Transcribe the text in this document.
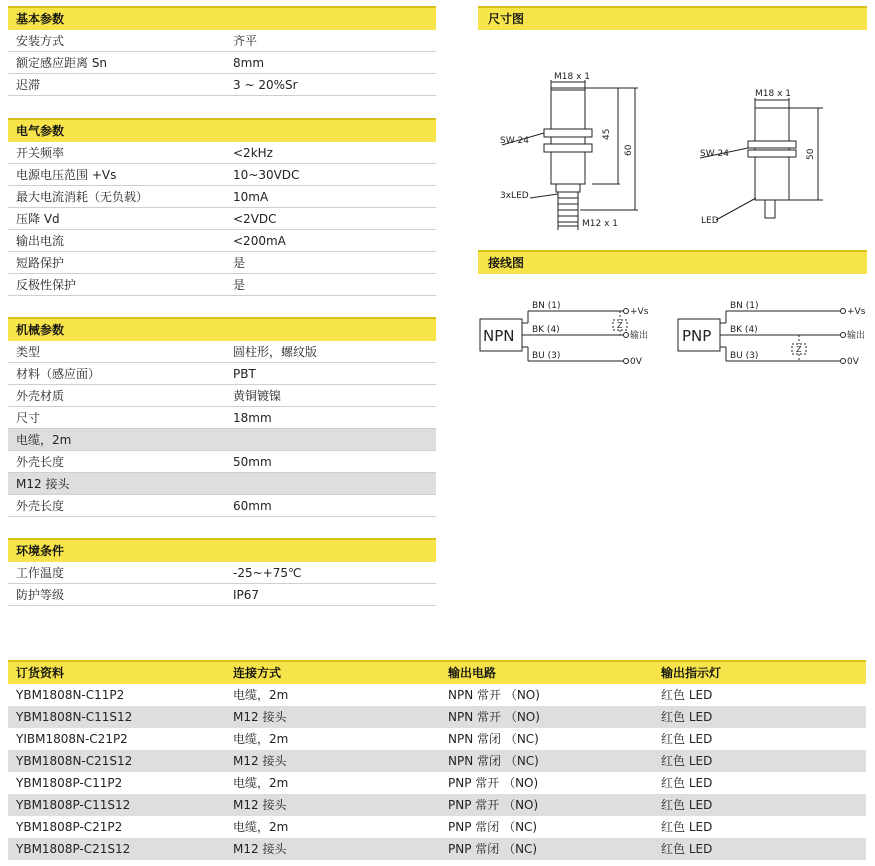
基本参数
安装方式	齐平
额定感应距离 Sn	8mm
迟滞	3 ~ 20%Sr
电气参数
开关频率	<2kHz
电源电压范围 +Vs	10~30VDC
最大电流消耗（无负载）	10mA
压降 Vd	<2VDC
输出电流	<200mA
短路保护	是
反极性保护	是
机械参数
类型	圆柱形，螺纹版
材料（感应面）	PBT
外壳材质	黄铜镀镍
尺寸	18mm
电缆，2m
外壳长度	50mm
M12 接头
外壳长度	60mm
环境条件
工作温度	-25~+75℃
防护等级	IP67
尺寸图
M18 x 1
SW 24
3xLED
45
60
M12 x 1
M18 x 1
SW 24
LED
50
接线图
NPN
BN (1)
BK (4)
BU (3)
+Vs
输出
0V
Z
PNP
BN (1)
BK (4)
BU (3)
+Vs
输出
0V
Z
订货资料	连接方式	输出电路	输出指示灯
YBM1808N-C11P2	电缆，2m	NPN 常开 （NO)	红色 LED
YBM1808N-C11S12	M12 接头	NPN 常开 （NO)	红色 LED
YIBM1808N-C21P2	电缆，2m	NPN 常闭 （NC)	红色 LED
YBM1808N-C21S12	M12 接头	NPN 常闭 （NC)	红色 LED
YBM1808P-C11P2	电缆，2m	PNP 常开 （NO)	红色 LED
YBM1808P-C11S12	M12 接头	PNP 常开 （NO)	红色 LED
YBM1808P-C21P2	电缆，2m	PNP 常闭 （NC)	红色 LED
YBM1808P-C21S12	M12 接头	PNP 常闭 （NC)	红色 LED
